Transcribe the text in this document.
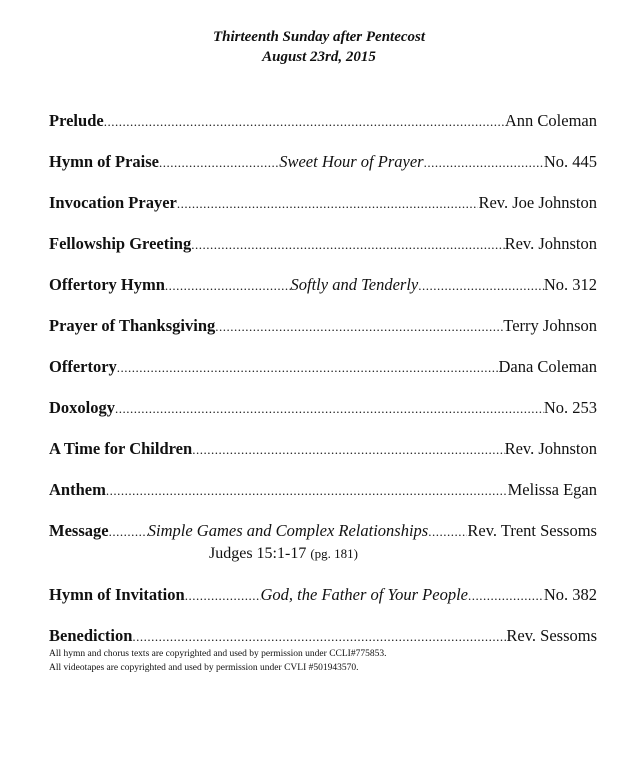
Thirteenth Sunday after Pentecost
August 23rd, 2015
Prelude .....	Ann Coleman
Hymn of Praise .....	Sweet Hour of Prayer .....	No. 445
Invocation Prayer .....	Rev. Joe Johnston
Fellowship Greeting .....	Rev. Johnston
Offertory Hymn .....	Softly and Tenderly .....	No. 312
Prayer of Thanksgiving .....	Terry Johnson
Offertory .....	Dana Coleman
Doxology .....	No. 253
A Time for Children .....	Rev. Johnston
Anthem .....	Melissa Egan
Message ..... Simple Games and Complex Relationships ..... Rev. Trent Sessoms
Judges 15:1-17 (pg. 181)
Hymn of Invitation .....	God, the Father of Your People .....	No. 382
Benediction .....	Rev. Sessoms
All hymn and chorus texts are copyrighted and used by permission under CCLI#775853.
All videotapes are copyrighted and used by permission under CVLI #501943570.
